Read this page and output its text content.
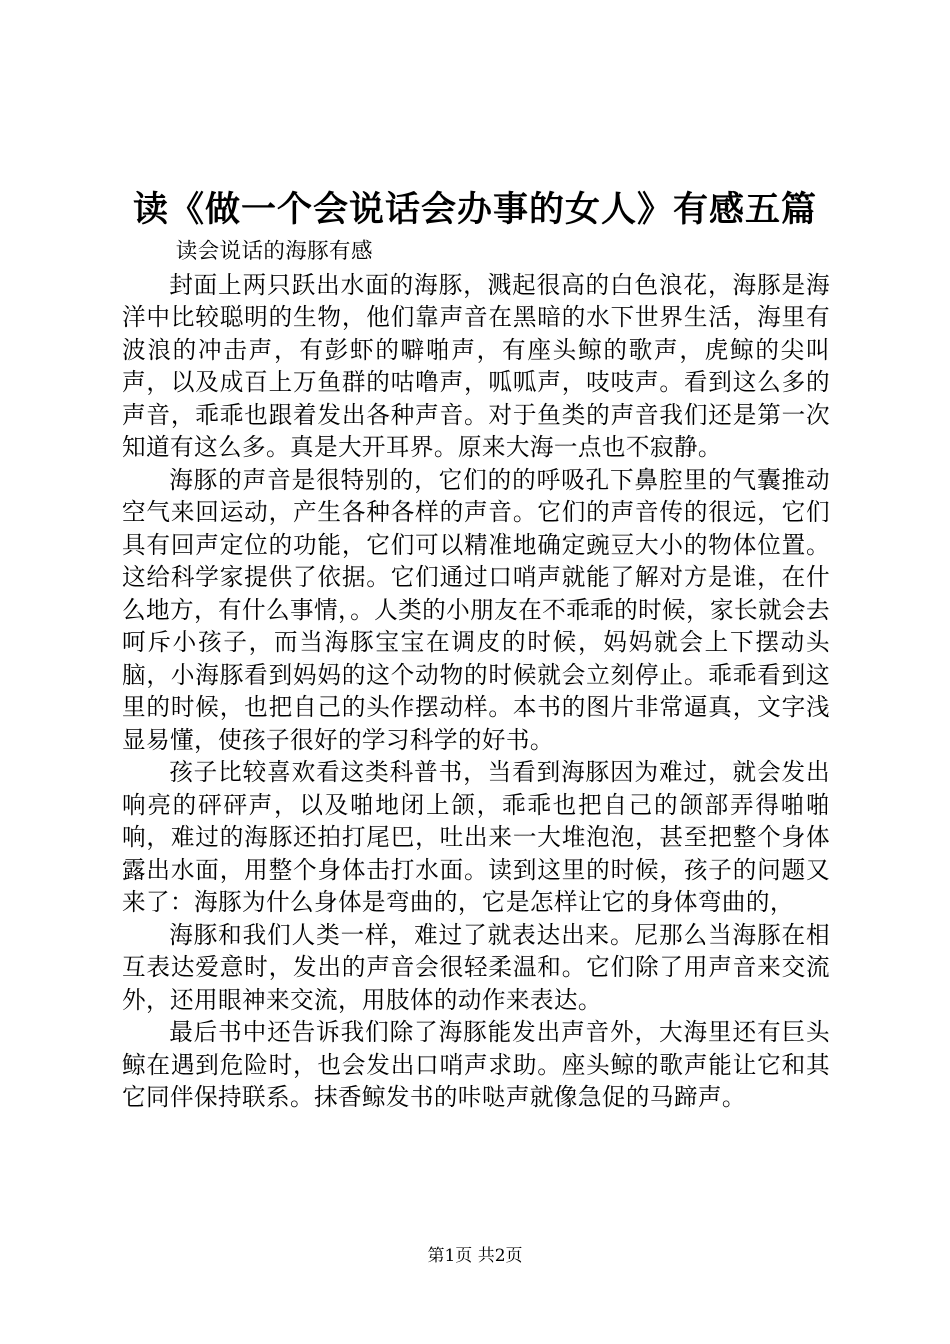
读《做一个会说话会办事的女人》有感五篇
读会说话的海豚有感

封面上两只跃出水面的海豚，溅起很高的白色浪花，海豚是海洋中比较聪明的生物，他们靠声音在黑暗的水下世界生活，海里有波浪的冲击声，有彭虾的噼啪声，有座头鲸的歌声，虎鲸的尖叫声，以及成百上万鱼群的咕噜声，呱呱声，吱吱声。看到这么多的声音，乖乖也跟着发出各种声音。对于鱼类的声音我们还是第一次知道有这么多。真是大开耳界。原来大海一点也不寂静。

海豚的声音是很特别的，它们的的呼吸孔下鼻腔里的气囊推动空气来回运动，产生各种各样的声音。它们的声音传的很远，它们具有回声定位的功能，它们可以精准地确定豌豆大小的物体位置。这给科学家提供了依据。它们通过口哨声就能了解对方是谁，在什么地方，有什么事情，。人类的小朋友在不乖乖的时候，家长就会去呵斥小孩子，而当海豚宝宝在调皮的时候，妈妈就会上下摆动头脑，小海豚看到妈妈的这个动物的时候就会立刻停止。乖乖看到这里的时候，也把自己的头作摆动样。本书的图片非常逼真，文字浅显易懂，使孩子很好的学习科学的好书。

孩子比较喜欢看这类科普书，当看到海豚因为难过，就会发出响亮的砰砰声，以及啪地闭上颌，乖乖也把自己的颌部弄得啪啪响，难过的海豚还拍打尾巴，吐出来一大堆泡泡，甚至把整个身体露出水面，用整个身体击打水面。读到这里的时候，孩子的问题又来了：海豚为什么身体是弯曲的，它是怎样让它的身体弯曲的，

海豚和我们人类一样，难过了就表达出来。尼那么当海豚在相互表达爱意时，发出的声音会很轻柔温和。它们除了用声音来交流外，还用眼神来交流，用肢体的动作来表达。

最后书中还告诉我们除了海豚能发出声音外，大海里还有巨头鲸在遇到危险时，也会发出口哨声求助。座头鲸的歌声能让它和其它同伴保持联系。抹香鲸发书的咔哒声就像急促的马蹄声。

第1页 共2页
